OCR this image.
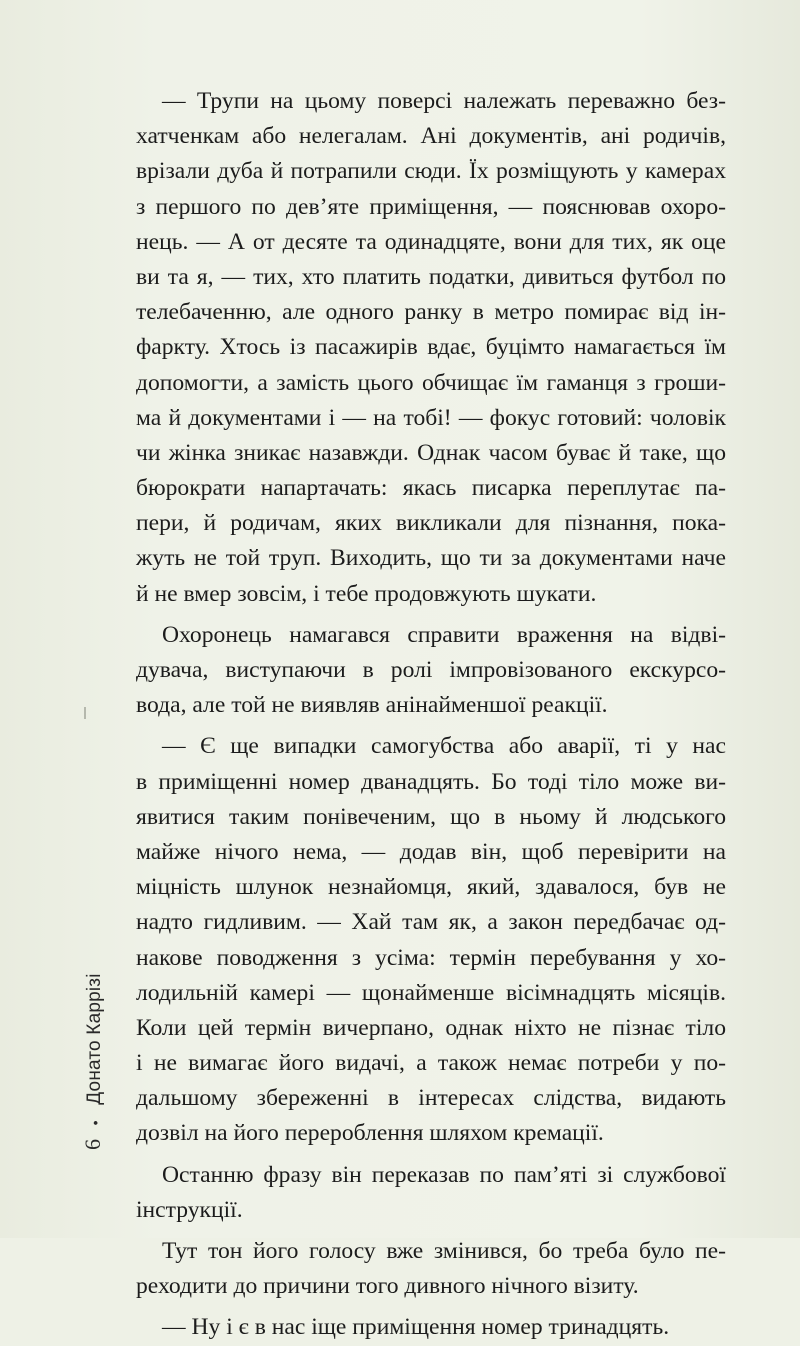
— Трупи на цьому поверсі належать переважно без-
хатченкам або нелегалам. Ані документів, ані родичів,
врізали дуба й потрапили сюди. Їх розміщують у камерах
з першого по дев’яте приміщення, — пояснював охоро-
нець. — А от десяте та одинадцяте, вони для тих, як оце
ви та я, — тих, хто платить податки, дивиться футбол по
телебаченню, але одного ранку в метро помирає від ін-
фаркту. Хтось із пасажирів вдає, буцімто намагається їм
допомогти, а замість цього обчищає їм гаманця з гроши-
ма й документами і — на тобі! — фокус готовий: чоловік
чи жінка зникає назавжди. Однак часом буває й таке, що
бюрократи напартачать: якась писарка переплутає па-
пери, й родичам, яких викликали для пізнання, пока-
жуть не той труп. Виходить, що ти за документами наче
й не вмер зовсім, і тебе продовжують шукати.
Охоронець намагався справити враження на відві-
дувача, виступаючи в ролі імпровізованого екскурсо-
вода, але той не виявляв анінайменшої реакції.
— Є ще випадки самогубства або аварії, ті у нас
в приміщенні номер дванадцять. Бо тоді тіло може ви-
явитися таким понівеченим, що в ньому й людського
майже нічого нема, — додав він, щоб перевірити на
міцність шлунок незнайомця, який, здавалося, був не
надто гидливим. — Хай там як, а закон передбачає од-
накове поводження з усіма: термін перебування у хо-
лодильній камері — щонайменше вісімнадцять місяців.
Коли цей термін вичерпано, однак ніхто не пізнає тіло
і не вимагає його видачі, а також немає потреби у по-
дальшому збереженні в інтересах слідства, видають
дозвіл на його перероблення шляхом кремації.
Останню фразу він переказав по пам’яті зі службової
інструкції.
Тут тон його голосу вже змінився, бо треба було пе-
реходити до причини того дивного нічного візиту.
— Ну і є в нас іще приміщення номер тринадцять.
6 • Донато Каррізі
